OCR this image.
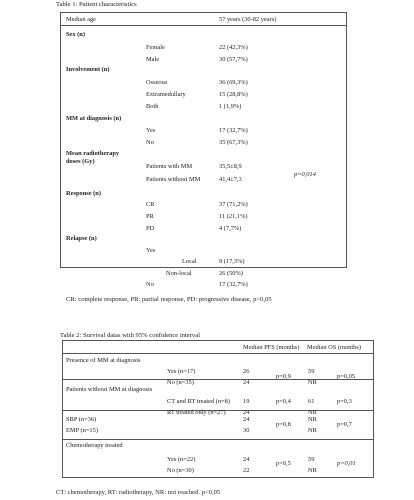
Table 1: Patient characteristics
Median age	57 years (30-82 years)
Sex (n)
Female	22 (42,3%)
Male	30 (57,7%)
Involvement (n)
Osseous	36 (69,3%)
Extramedullary	15 (28,8%)
Both	1 (1,9%)
MM at diagnosis (n)
Yes	17 (32,7%)
No	35 (67,3%)
Mean radiotherapy
doses (Gy)
Patients with MM	35,5±8,9
Patients without MM	41,4±7,3
p=0,014
Response (n)
CR	37 (71,2%)
PR	11 (21,1%)
PD	4 (7,7%)
Relapse (n)
Yes
Local	9 (17,3%)
Non-local	26 (50%)
No	17 (32,7%)
CR: complete response, PR: partial response, PD: progressive disease, p<0,05
Table 2: Survival datas with 95% confidence interval
Median PFS (months) Median OS (months)
Presence of MM at diagnosis
Yes (n=17)	26	59
No (n=35)	24	NR
p=0,9	p=0,05
Patients without MM at diagnosis
CT and RT treated (n=8) 19	61
RT treated only (n=27)	24	NR
p=0,4	p=0,3
SBP (n=36)	24	NR
EMP (n=15)	30	NR
p=0,8	p=0,7
Chemotherapy treated
Yes (n=22)	24	59
No (n=30)	22	NR
p=0,5	p=0,01
CT: chemotherapy, RT: radiotherapy, NR: not reached. p<0,05
